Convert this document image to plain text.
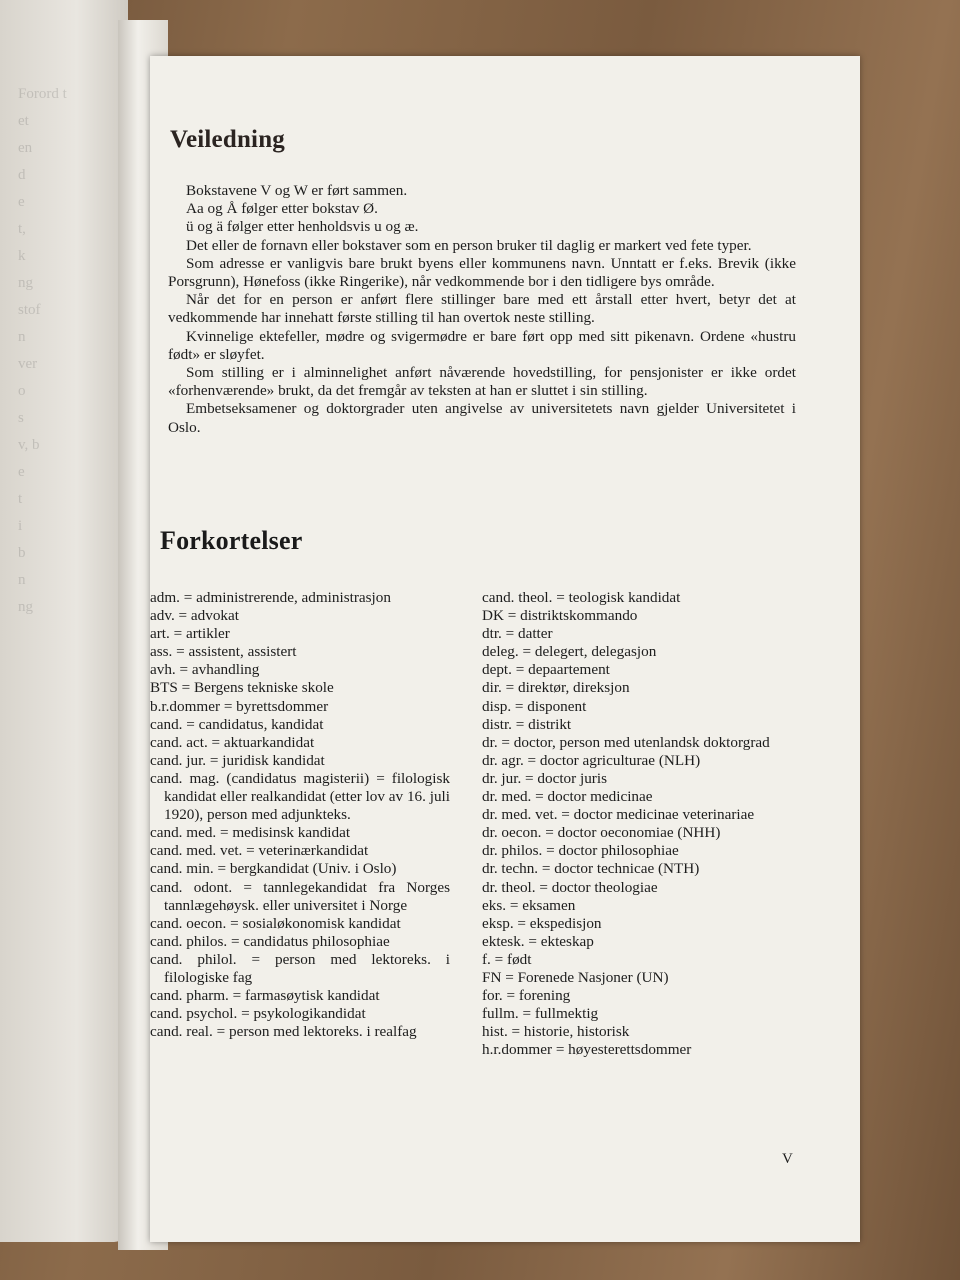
Forord t
et
en
d
e
t,
k
ng
stof
n
ver
o
s
v, b
e
t
i
b
n
ng
Veiledning

Bokstavene V og W er ført sammen.

Aa og Å følger etter bokstav Ø.

ü og ä følger etter henholdsvis u og æ.

Det eller de fornavn eller bokstaver som en person bruker til daglig er markert ved fete typer.

Som adresse er vanligvis bare brukt byens eller kommunens navn. Unntatt er f.eks. Brevik (ikke Porsgrunn), Hønefoss (ikke Ringerike), når vedkommende bor i den tidligere bys område.

Når det for en person er anført flere stillinger bare med ett årstall etter hvert, betyr det at vedkommende har innehatt første stilling til han overtok neste stilling.

Kvinnelige ektefeller, mødre og svigermødre er bare ført opp med sitt pikenavn. Ordene «hustru født» er sløyfet.

Som stilling er i alminnelighet anført nåværende hovedstilling, for pensjonister er ikke ordet «forhenværende» brukt, da det fremgår av teksten at han er sluttet i sin stilling.

Embetseksamener og doktorgrader uten angivelse av universitetets navn gjelder Universitetet i Oslo.

Forkortelser
adm. = administrerende, administrasjon
adv. = advokat
art. = artikler
ass. = assistent, assistert
avh. = avhandling
BTS = Bergens tekniske skole
b.r.dommer = byrettsdommer
cand. = candidatus, kandidat
cand. act. = aktuarkandidat
cand. jur. = juridisk kandidat
cand. mag. (candidatus magisterii) = filologisk kandidat eller realkandidat (etter lov av 16. juli 1920), person med adjunkteks.
cand. med. = medisinsk kandidat
cand. med. vet. = veterinærkandidat
cand. min. = bergkandidat (Univ. i Oslo)
cand. odont. = tannlegekandidat fra Norges tannlægehøysk. eller universitet i Norge
cand. oecon. = sosialøkonomisk kandidat
cand. philos. = candidatus philosophiae
cand. philol. = person med lektoreks. i filologiske fag
cand. pharm. = farmasøytisk kandidat
cand. psychol. = psykologikandidat
cand. real. = person med lektoreks. i realfag
cand. theol. = teologisk kandidat
DK = distriktskommando
dtr. = datter
deleg. = delegert, delegasjon
dept. = depaartement
dir. = direktør, direksjon
disp. = disponent
distr. = distrikt
dr. = doctor, person med utenlandsk doktorgrad
dr. agr. = doctor agriculturae (NLH)
dr. jur. = doctor juris
dr. med. = doctor medicinae
dr. med. vet. = doctor medicinae veterinariae
dr. oecon. = doctor oeconomiae (NHH)
dr. philos. = doctor philosophiae
dr. techn. = doctor technicae (NTH)
dr. theol. = doctor theologiae
eks. = eksamen
eksp. = ekspedisjon
ektesk. = ekteskap
f. = født
FN = Forenede Nasjoner (UN)
for. = forening
fullm. = fullmektig
hist. = historie, historisk
h.r.dommer = høyesterettsdommer
V
